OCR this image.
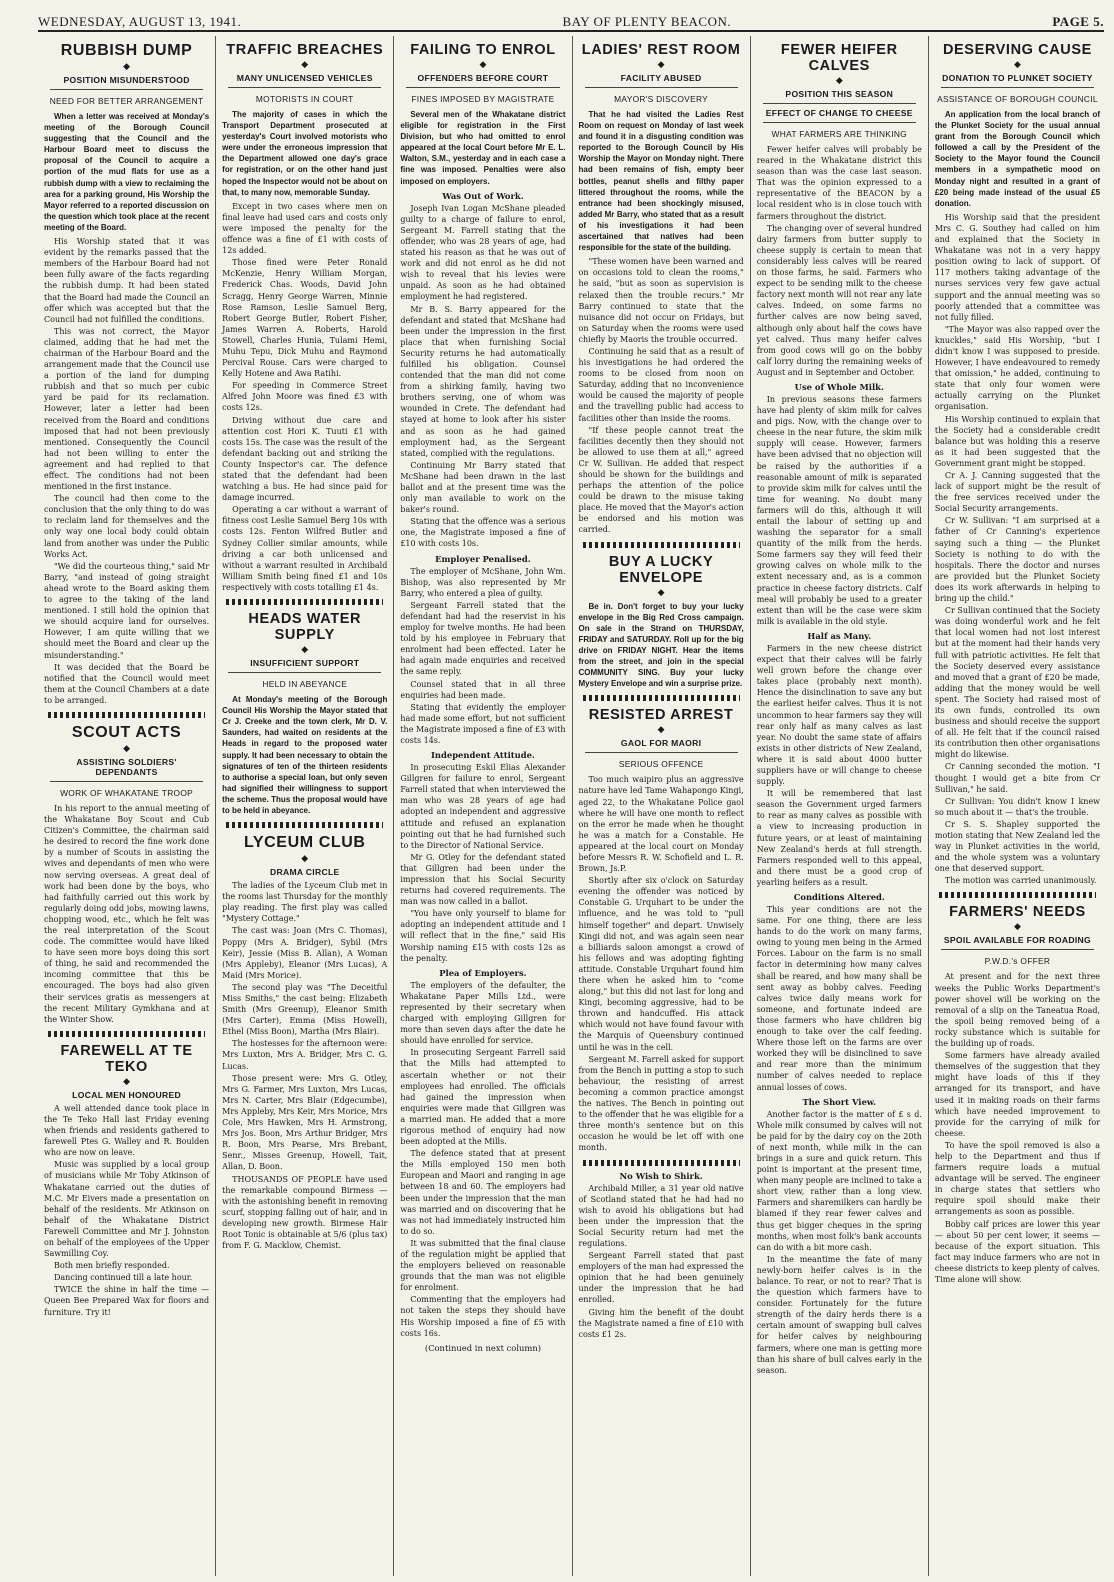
WEDNESDAY, AUGUST 13, 1941.	BAY OF PLENTY BEACON.	PAGE 5.
RUBBISH DUMP
◆
POSITION MISUNDERSTOOD
NEED FOR BETTER ARRANGEMENT

When a letter was received at Monday's meeting of the Borough Council suggesting that the Council and the Harbour Board meet to discuss the proposal of the Council to acquire a portion of the mud flats for use as a rubbish dump with a view to reclaiming the area for a parking ground, His Worship the Mayor referred to a reported discussion on the question which took place at the recent meeting of the Board.

His Worship stated that it was evident by the remarks passed that the members of the Harbour Board had not been fully aware of the facts regarding the rubbish dump. It had been stated that the Board had made the Council an offer which was accepted but that the Council had not fulfilled the conditions.

This was not correct, the Mayor claimed, adding that he had met the chairman of the Harbour Board and the arrangement made that the Council use a portion of the land for dumping rubbish and that so much per cubic yard be paid for its reclamation. However, later a letter had been received from the Board and conditions imposed that had not been previously mentioned. Consequently the Council had not been willing to enter the agreement and had replied to that effect. The conditions had not been mentioned in the first instance.

The council had then come to the conclusion that the only thing to do was to reclaim land for themselves and the only way one local body could obtain land from another was under the Public Works Act.

"We did the courteous thing," said Mr Barry, "and instead of going straight ahead wrote to the Board asking them to agree to the taking of the land mentioned. I still hold the opinion that we should acquire land for ourselves. However, I am quite willing that we should meet the Board and clear up the misunderstanding."

It was decided that the Board be notified that the Council would meet them at the Council Chambers at a date to be arranged.

SCOUT ACTS
◆
ASSISTING SOLDIERS' DEPENDANTS
WORK OF WHAKATANE TROOP

In his report to the annual meeting of the Whakatane Boy Scout and Cub Citizen's Committee, the chairman said he desired to record the fine work done by a number of Scouts in assisting the wives and dependants of men who were now serving overseas. A great deal of work had been done by the boys, who had faithfully carried out this work by regularly doing odd jobs, mowing lawns, chopping wood, etc., which he felt was the real interpretation of the Scout code. The committee would have liked to have seen more boys doing this sort of thing, he said and recommended the incoming committee that this be encouraged. The boys had also given their services gratis as messengers at the recent Military Gymkhana and at the Winter Show.

FAREWELL AT TE TEKO
◆
LOCAL MEN HONOURED

A well attended dance took place in the Te Teko Hall last Friday evening when friends and residents gathered to farewell Ptes G. Walley and R. Boulden who are now on leave.

Music was supplied by a local group of musicians while Mr Toby Atkinson of Whakatane carried out the duties of M.C. Mr Eivers made a presentation on behalf of the residents. Mr Atkinson on behalf of the Whakatane District Farewell Committee and Mr J. Johnston on behalf of the employees of the Upper Sawmilling Coy.

Both men briefly responded.

Dancing continued till a late hour.

TWICE the shine in half the time — Queen Bee Prepared Wax for floors and furniture. Try it!

TRAFFIC BREACHES
◆
MANY UNLICENSED VEHICLES
MOTORISTS IN COURT

The majority of cases in which the Transport Department prosecuted at yesterday's Court involved motorists who were under the erroneous impression that the Department allowed one day's grace for registration, or on the other hand just hoped the Inspector would not be about on that, to many now, memorable Sunday.

Except in two cases where men on final leave had used cars and costs only were imposed the penalty for the offence was a fine of £1 with costs of 12s added.

Those fined were Peter Ronald McKenzie, Henry William Morgan, Frederick Chas. Woods, David John Scragg, Henry George Warren, Minnie Rose Ramson, Leslie Samuel Berg, Robert George Butler, Robert Fisher, James Warren A. Roberts, Harold Stowell, Charles Hunia, Tulami Hemi, Muhu Tepu, Dick Muhu and Raymond Percival Rouse. Cars were charged to Kelly Hotene and Awa Ratihi.

For speeding in Commerce Street Alfred John Moore was fined £3 with costs 12s.

Driving without due care and attention cost Hori K. Tuuti £1 with costs 15s. The case was the result of the defendant backing out and striking the County Inspector's car. The defence stated that the defendant had been watching a bus. He had since paid for damage incurred.

Operating a car without a warrant of fitness cost Leslie Samuel Berg 10s with costs 12s. Fenton Wilfred Butler and Sydney Collier similar amounts, while driving a car both unlicensed and without a warrant resulted in Archibald William Smith being fined £1 and 10s respectively with costs totalling £1 4s.

HEADS WATER SUPPLY
◆
INSUFFICIENT SUPPORT
HELD IN ABEYANCE

At Monday's meeting of the Borough Council His Worship the Mayor stated that Cr J. Creeke and the town clerk, Mr D. V. Saunders, had waited on residents at the Heads in regard to the proposed water supply. It had been necessary to obtain the signatures of ten of the thirteen residents to authorise a special loan, but only seven had signified their willingness to support the scheme. Thus the proposal would have to be held in abeyance.

LYCEUM CLUB
◆
DRAMA CIRCLE

The ladies of the Lyceum Club met in the rooms last Thursday for the monthly play reading. The first play was called "Mystery Cottage."

The cast was: Joan (Mrs C. Thomas), Poppy (Mrs A. Bridger), Sybil (Mrs Keir), Jessie (Miss B. Allan), A Woman (Mrs Appleby), Eleanor (Mrs Lucas), A Maid (Mrs Morice).

The second play was "The Deceitful Miss Smiths," the cast being: Elizabeth Smith (Mrs Greenup), Eleanor Smith (Mrs Carter), Emma (Miss Howell), Ethel (Miss Boon), Martha (Mrs Blair).

The hostesses for the afternoon were: Mrs Luxton, Mrs A. Bridger, Mrs C. G. Lucas.

Those present were: Mrs G. Otley, Mrs G. Farmer, Mrs Luxton, Mrs Lucas, Mrs N. Carter, Mrs Blair (Edgecumbe), Mrs Appleby, Mrs Keir, Mrs Morice, Mrs Cole, Mrs Hawken, Mrs H. Armstrong, Mrs Jos. Boon, Mrs Arthur Bridger, Mrs R. Boon, Mrs Pearse, Mrs Brebant, Senr., Misses Greenup, Howell, Tait, Allan, D. Boon.

THOUSANDS OF PEOPLE have used the remarkable compound Birmess — with the astonishing benefit in removing scurf, stopping falling out of hair, and in developing new growth. Birmese Hair Root Tonic is obtainable at 5/6 (plus tax) from F. G. Macklow, Chemist.

FAILING TO ENROL
◆
OFFENDERS BEFORE COURT
FINES IMPOSED BY MAGISTRATE

Several men of the Whakatane district eligible for registration in the First Division, but who had omitted to enrol appeared at the local Court before Mr E. L. Walton, S.M., yesterday and in each case a fine was imposed. Penalties were also imposed on employers.

Was Out of Work.

Joseph Ivan Logan McShane pleaded guilty to a charge of failure to enrol, Sergeant M. Farrell stating that the offender, who was 28 years of age, had stated his reason as that he was out of work and did not enrol as he did not wish to reveal that his levies were unpaid. As soon as he had obtained employment he had registered.

Mr B. S. Barry appeared for the defendant and stated that McShane had been under the impression in the first place that when furnishing Social Security returns he had automatically fulfilled his obligation. Counsel contended that the man did not come from a shirking family, having two brothers serving, one of whom was wounded in Crete. The defendant had stayed at home to look after his sister and as soon as he had gained employment had, as the Sergeant stated, complied with the regulations.

Continuing Mr Barry stated that McShane had been drawn in the last ballot and at the present time was the only man available to work on the baker's round.

Stating that the offence was a serious one, the Magistrate imposed a fine of £10 with costs 10s.

Employer Penalised.

The employer of McShane, John Wm. Bishop, was also represented by Mr Barry, who entered a plea of guilty.

Sergeant Farrell stated that the defendant had had the reservist in his employ for twelve months. He had been told by his employee in February that enrolment had been effected. Later he had again made enquiries and received the same reply.

Counsel stated that in all three enquiries had been made.

Stating that evidently the employer had made some effort, but not sufficient the Magistrate imposed a fine of £3 with costs 14s.

Independent Attitude.

In prosecuting Eskil Elias Alexander Gillgren for failure to enrol, Sergeant Farrell stated that when interviewed the man who was 28 years of age had adopted an independent and aggressive attitude and refused an explanation pointing out that he had furnished such to the Director of National Service.

Mr G. Otley for the defendant stated that Gillgren had been under the impression that his Social Security returns had covered requirements. The man was now called in a ballot.

"You have only yourself to blame for adopting an independent attitude and I will reflect that in the fine," said His Worship naming £15 with costs 12s as the penalty.

Plea of Employers.

The employers of the defaulter, the Whakatane Paper Mills Ltd., were represented by their secretary when charged with employing Gillgren for more than seven days after the date he should have enrolled for service.

In prosecuting Sergeant Farrell said that the Mills had attempted to ascertain whether or not their employees had enrolled. The officials had gained the impression when enquiries were made that Gillgren was a married man. He added that a more rigorous method of enquiry had now been adopted at the Mills.

The defence stated that at present the Mills employed 150 men both European and Maori and ranging in age between 18 and 60. The employers had been under the impression that the man was married and on discovering that he was not had immediately instructed him to do so.

It was submitted that the final clause of the regulation might be applied that the employers believed on reasonable grounds that the man was not eligible for enrolment.

Commenting that the employers had not taken the steps they should have His Worship imposed a fine of £5 with costs 16s.

(Continued in next column)
LADIES' REST ROOM
◆
FACILITY ABUSED
MAYOR'S DISCOVERY

That he had visited the Ladies Rest Room on request on Monday of last week and found it in a disgusting condition was reported to the Borough Council by His Worship the Mayor on Monday night. There had been remains of fish, empty beer bottles, peanut shells and filthy paper littered throughout the rooms, while the entrance had been shockingly misused, added Mr Barry, who stated that as a result of his investigations it had been ascertained that natives had been responsible for the state of the building.

"These women have been warned and on occasions told to clean the rooms," he said, "but as soon as supervision is relaxed then the trouble recurs." Mr Barry continued to state that the nuisance did not occur on Fridays, but on Saturday when the rooms were used chiefly by Maoris the trouble occurred.

Continuing he said that as a result of his investigations he had ordered the rooms to be closed from noon on Saturday, adding that no inconvenience would be caused the majority of people and the travelling public had access to facilities other than inside the rooms.

"If these people cannot treat the facilities decently then they should not be allowed to use them at all," agreed Cr W. Sullivan. He added that respect should be shown for the buildings and perhaps the attention of the police could be drawn to the misuse taking place. He moved that the Mayor's action be endorsed and his motion was carried.

BUY A LUCKY ENVELOPE
◆

Be in. Don't forget to buy your lucky envelope in the Big Red Cross campaign. On sale in the Strand on THURSDAY, FRIDAY and SATURDAY. Roll up for the big drive on FRIDAY NIGHT. Hear the items from the street, and join in the special COMMUNITY SING. Buy your lucky Mystery Envelope and win a surprise prize.

RESISTED ARREST
◆
GAOL FOR MAORI
SERIOUS OFFENCE

Too much waipiro plus an aggressive nature have led Tame Wahapongo Kingi, aged 22, to the Whakatane Police gaol where he will have one month to reflect on the error he made when he thought he was a match for a Constable. He appeared at the local court on Monday before Messrs R. W. Schofield and L. R. Brown, Js.P.

Shortly after six o'clock on Saturday evening the offender was noticed by Constable G. Urquhart to be under the influence, and he was told to "pull himself together" and depart. Unwisely Kingi did not, and was again seen near a billiards saloon amongst a crowd of his fellows and was adopting fighting attitude. Constable Urquhart found him there when he asked him to "come along," but this did not last for long and Kingi, becoming aggressive, had to be thrown and handcuffed. His attack which would not have found favour with the Marquis of Queensbury continued until he was in the cell.

Sergeant M. Farrell asked for support from the Bench in putting a stop to such behaviour, the resisting of arrest becoming a common practice amongst the natives. The Bench in pointing out to the offender that he was eligible for a three month's sentence but on this occasion he would be let off with one month.

No Wish to Shirk.

Archibald Miller, a 31 year old native of Scotland stated that he had had no wish to avoid his obligations but had been under the impression that the Social Security return had met the regulations.

Sergeant Farrell stated that past employers of the man had expressed the opinion that he had been genuinely under the impression that he had enrolled.

Giving him the benefit of the doubt the Magistrate named a fine of £10 with costs £1 2s.

FEWER HEIFER CALVES
◆
POSITION THIS SEASON
EFFECT OF CHANGE TO CHEESE
WHAT FARMERS ARE THINKING

Fewer heifer calves will probably be reared in the Whakatane district this season than was the case last season. That was the opinion expressed to a representative of the BEACON by a local resident who is in close touch with farmers throughout the district.

The changing over of several hundred dairy farmers from butter supply to cheese supply is certain to mean that considerably less calves will be reared on those farms, he said. Farmers who expect to be sending milk to the cheese factory next month will not rear any late calves. Indeed, on some farms no further calves are now being saved, although only about half the cows have yet calved. Thus many heifer calves from good cows will go on the bobby calf lorry during the remaining weeks of August and in September and October.

Use of Whole Milk.

In previous seasons these farmers have had plenty of skim milk for calves and pigs. Now, with the change over to cheese in the near future, the skim milk supply will cease. However, farmers have been advised that no objection will be raised by the authorities if a reasonable amount of milk is separated to provide skim milk for calves until the time for weaning. No doubt many farmers will do this, although it will entail the labour of setting up and washing the separator for a small quantity of the milk from the herds. Some farmers say they will feed their growing calves on whole milk to the extent necessary and, as is a common practice in cheese factory districts. Calf meal will probably be used to a greater extent than will be the case were skim milk is available in the old style.

Half as Many.

Farmers in the new cheese district expect that their calves will be fairly well grown before the change over takes place (probably next month). Hence the disinclination to save any but the earliest heifer calves. Thus it is not uncommon to hear farmers say they will rear only half as many calves as last year. No doubt the same state of affairs exists in other districts of New Zealand, where it is said about 4000 butter suppliers have or will change to cheese supply.

It will be remembered that last season the Government urged farmers to rear as many calves as possible with a view to increasing production in future years, or at least of maintaining New Zealand's herds at full strength. Farmers responded well to this appeal, and there must be a good crop of yearling heifers as a result.

Conditions Altered.

This year conditions are not the same. For one thing, there are less hands to do the work on many farms, owing to young men being in the Armed Forces. Labour on the farm is no small factor in determining how many calves shall be reared, and how many shall be sent away as bobby calves. Feeding calves twice daily means work for someone, and fortunate indeed are those farmers who have children big enough to take over the calf feeding. Where those left on the farms are over worked they will be disinclined to save and rear more than the minimum number of calves needed to replace annual losses of cows.

The Short View.

Another factor is the matter of £ s d. Whole milk consumed by calves will not be paid for by the dairy coy on the 20th of next month, while milk in the can brings in a sure and quick return. This point is important at the present time, when many people are inclined to take a short view, rather than a long view. Farmers and sharemilkers can hardly be blamed if they rear fewer calves and thus get bigger cheques in the spring months, when most folk's bank accounts can do with a bit more cash.

In the meantime the fate of many newly-born heifer calves is in the balance. To rear, or not to rear? That is the question which farmers have to consider. Fortunately for the future strength of the dairy herds there is a certain amount of swapping bull calves for heifer calves by neighbouring farmers, where one man is getting more than his share of bull calves early in the season.

DESERVING CAUSE
◆
DONATION TO PLUNKET SOCIETY
ASSISTANCE OF BOROUGH COUNCIL

An application from the local branch of the Plunket Society for the usual annual grant from the Borough Council which followed a call by the President of the Society to the Mayor found the Council members in a sympathetic mood on Monday night and resulted in a grant of £20 being made instead of the usual £5 donation.

His Worship said that the president Mrs C. G. Southey had called on him and explained that the Society in Whakatane was not in a very happy position owing to lack of support. Of 117 mothers taking advantage of the nurses services very few gave actual support and the annual meeting was so poorly attended that a committee was not fully filled.

"The Mayor was also rapped over the knuckles," said His Worship, "but I didn't know I was supposed to preside. However, I have endeavoured to remedy that omission," he added, continuing to state that only four women were actually carrying on the Plunket organisation.

His Worship continued to explain that the Society had a considerable credit balance but was holding this a reserve as it had been suggested that the Government grant might be stopped.

Cr A. J. Canning suggested that the lack of support might be the result of the free services received under the Social Security arrangements.

Cr W. Sullivan: "I am surprised at a father of Cr Canning's experience saying such a thing — the Plunket Society is nothing to do with the hospitals. There the doctor and nurses are provided but the Plunket Society does its work afterwards in helping to bring up the child."

Cr Sullivan continued that the Society was doing wonderful work and he felt that local women had not lost interest but at the moment had their hands very full with patriotic activities. He felt that the Society deserved every assistance and moved that a grant of £20 be made, adding that the money would be well spent. The Society had raised most of its own funds, controlled its own business and should receive the support of all. He felt that if the council raised its contribution then other organisations might do likewise.

Cr Canning seconded the motion. "I thought I would get a bite from Cr Sullivan," he said.

Cr Sullivan: You didn't know I knew so much about it — that's the trouble.

Cr S. S. Shapley supported the motion stating that New Zealand led the way in Plunket activities in the world, and the whole system was a voluntary one that deserved support.

The motion was carried unanimously.

FARMERS' NEEDS
◆
SPOIL AVAILABLE FOR ROADING
P.W.D.'s OFFER

At present and for the next three weeks the Public Works Department's power shovel will be working on the removal of a slip on the Taneatua Road, the spoil being removed being of a rocky substance which is suitable for the building up of roads.

Some farmers have already availed themselves of the suggestion that they might have loads of this if they arranged for its transport, and have used it in making roads on their farms which have needed improvement to provide for the carrying of milk for cheese.

To have the spoil removed is also a help to the Department and thus if farmers require loads a mutual advantage will be served. The engineer in charge states that settlers who require spoil should make their arrangements as soon as possible.

Bobby calf prices are lower this year — about 50 per cent lower, it seems — because of the export situation. This fact may induce farmers who are not in cheese districts to keep plenty of calves. Time alone will show.
